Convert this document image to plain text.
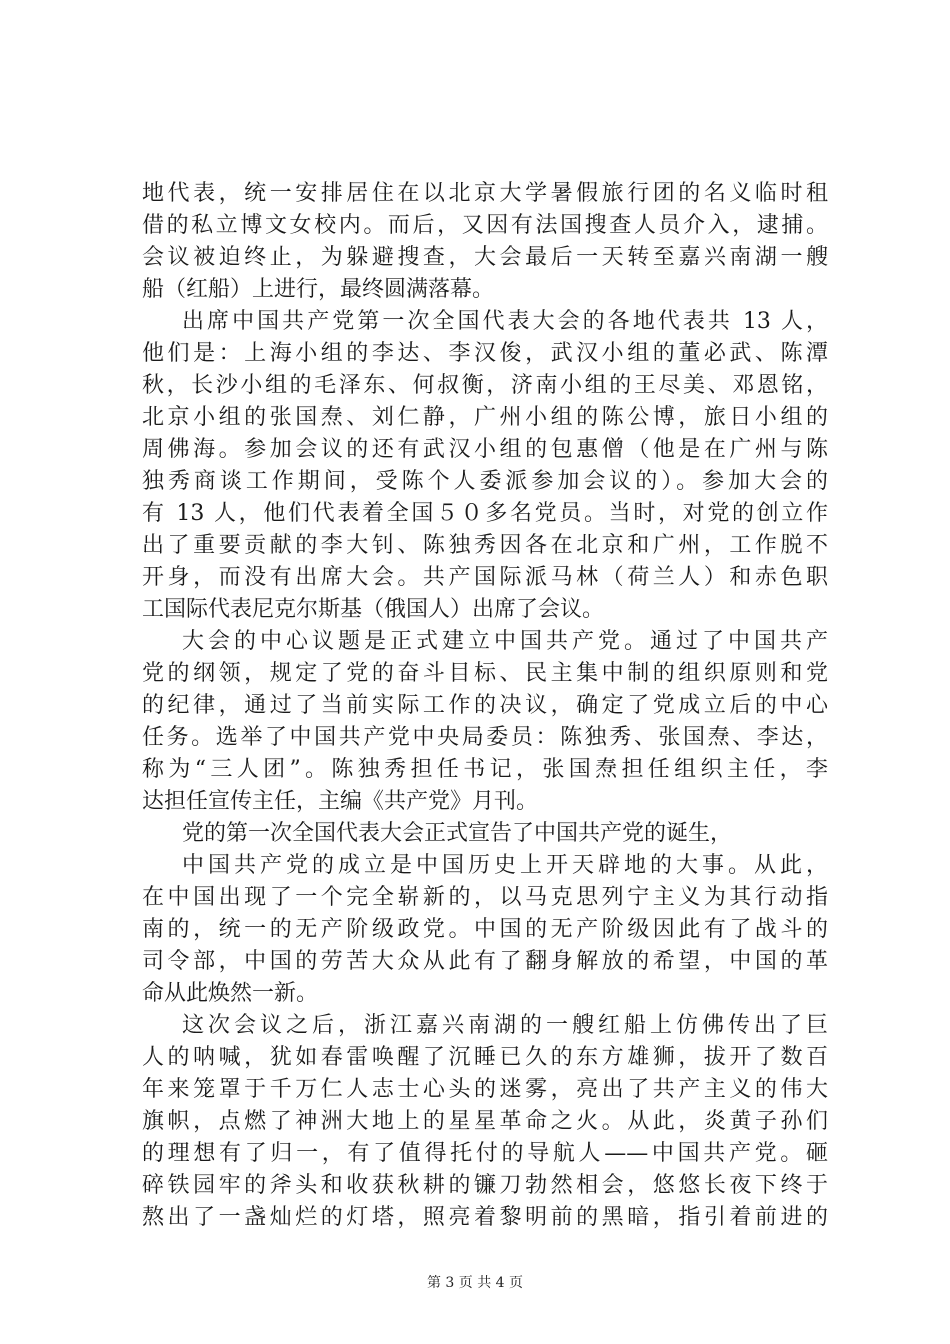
地代表，统一安排居住在以北京大学暑假旅行团的名义临时租
借的私立博文女校内。而后，又因有法国搜查人员介入，逮捕。
会议被迫终止，为躲避搜查，大会最后一天转至嘉兴南湖一艘
船（红船）上进行，最终圆满落幕。
出席中国共产党第一次全国代表大会的各地代表共 13 人，
他们是：上海小组的李达、李汉俊，武汉小组的董必武、陈潭
秋，长沙小组的毛泽东、何叔衡，济南小组的王尽美、邓恩铭，
北京小组的张国焘、刘仁静，广州小组的陈公博，旅日小组的
周佛海。参加会议的还有武汉小组的包惠僧（他是在广州与陈
独秀商谈工作期间，受陈个人委派参加会议的）。参加大会的
有 13 人，他们代表着全国５０多名党员。当时，对党的创立作
出了重要贡献的李大钊、陈独秀因各在北京和广州，工作脱不
开身，而没有出席大会。共产国际派马林（荷兰人）和赤色职
工国际代表尼克尔斯基（俄国人）出席了会议。
大会的中心议题是正式建立中国共产党。通过了中国共产
党的纲领，规定了党的奋斗目标、民主集中制的组织原则和党
的纪律，通过了当前实际工作的决议，确定了党成立后的中心
任务。选举了中国共产党中央局委员：陈独秀、张国焘、李达，
称为“三人团”。陈独秀担任书记，张国焘担任组织主任，李
达担任宣传主任，主编《共产党》月刊。
党的第一次全国代表大会正式宣告了中国共产党的诞生，
中国共产党的成立是中国历史上开天辟地的大事。从此，
在中国出现了一个完全崭新的，以马克思列宁主义为其行动指
南的，统一的无产阶级政党。中国的无产阶级因此有了战斗的
司令部，中国的劳苦大众从此有了翻身解放的希望，中国的革
命从此焕然一新。
这次会议之后，浙江嘉兴南湖的一艘红船上仿佛传出了巨
人的呐喊，犹如春雷唤醒了沉睡已久的东方雄狮，拔开了数百
年来笼罩于千万仁人志士心头的迷雾，亮出了共产主义的伟大
旗帜，点燃了神洲大地上的星星革命之火。从此，炎黄子孙们
的理想有了归一，有了值得托付的导航人——中国共产党。砸
碎铁园牢的斧头和收获秋耕的镰刀勃然相会，悠悠长夜下终于
熬出了一盏灿烂的灯塔，照亮着黎明前的黑暗，指引着前进的
第 3 页 共 4 页
